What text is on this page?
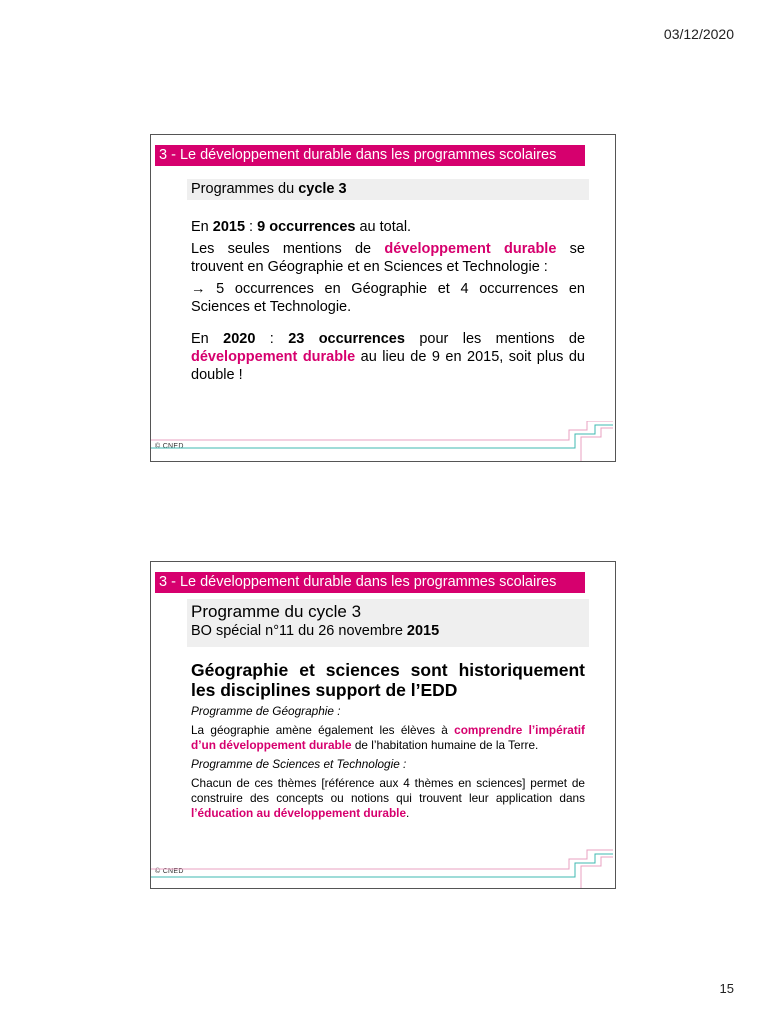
03/12/2020
3 - Le développement durable dans les programmes scolaires
Programmes du cycle 3

En 2015 : 9 occurrences au total.

Les seules mentions de développement durable se trouvent en Géographie et en Sciences et Technologie :

→ 5 occurrences en Géographie et 4 occurrences en Sciences et Technologie.

En 2020 : 23 occurrences pour les mentions de développement durable au lieu de 9 en 2015, soit plus du double !

© CNED
3 - Le développement durable dans les programmes scolaires
Programme du cycle 3
BO spécial n°11 du 26 novembre 2015

Géographie et sciences sont historiquement les disciplines support de l’EDD

Programme de Géographie :

La géographie amène également les élèves à comprendre l’impératif d’un développement durable de l’habitation humaine de la Terre.

Programme de Sciences et Technologie :

Chacun de ces thèmes [référence aux 4 thèmes en sciences] permet de construire des concepts ou notions qui trouvent leur application dans l’éducation au développement durable.

© CNED
15
